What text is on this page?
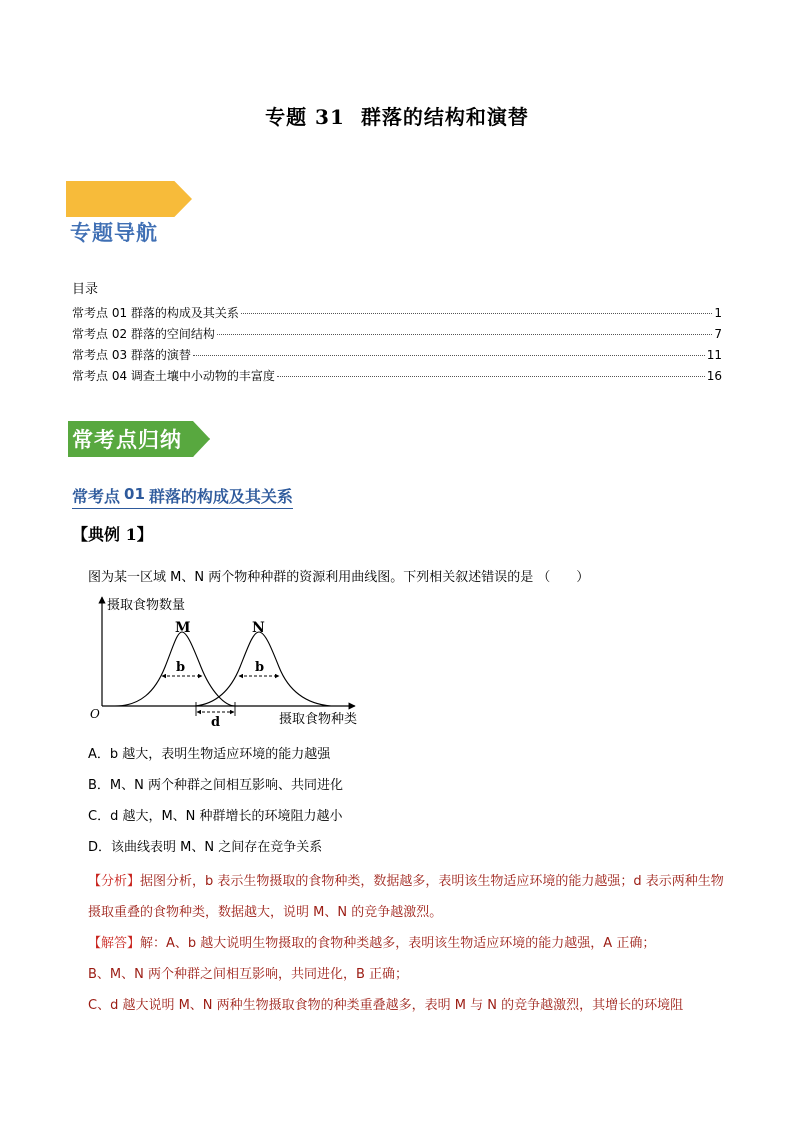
专题 31 群落的结构和演替
专题导航
目录
常考点 01 群落的构成及其关系	1
常考点 02 群落的空间结构	7
常考点 03 群落的演替	11
常考点 04 调查土壤中小动物的丰富度	16
常考点归纳
常考点 01 群落的构成及其关系
【典例 1】
图为某一区域 M、N 两个物种种群的资源利用曲线图。下列相关叙述错误的是 （　　）
摄取食物数量
摄取食物种类
O
M	N
b	b
d
A．b 越大，表明生物适应环境的能力越强
B．M、N 两个种群之间相互影响、共同进化
C．d 越大，M、N 种群增长的环境阻力越小
D．该曲线表明 M、N 之间存在竞争关系

【分析】据图分析，b 表示生物摄取的食物种类，数据越多，表明该生物适应环境的能力越强；d 表示两种生物摄取重叠的食物种类，数据越大，说明 M、N 的竞争越激烈。

【解答】解：A、b 越大说明生物摄取的食物种类越多，表明该生物适应环境的能力越强，A 正确；

B、M、N 两个种群之间相互影响，共同进化，B 正确；

C、d 越大说明 M、N 两种生物摄取食物的种类重叠越多，表明 M 与 N 的竞争越激烈，其增长的环境阻
